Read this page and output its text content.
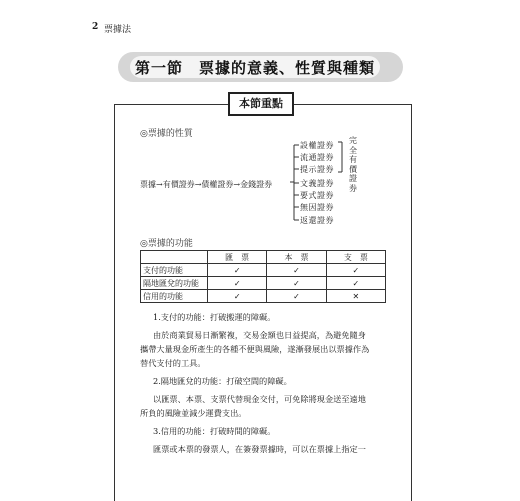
2 票據法
第一節　票據的意義、性質與種類
本節重點
◎票據的性質
票據→有價證券→債權證券→金錢證券
設權證券
流通證券
提示證券
文義證券
要式證券
無因證券
返還證券
完
全
有
價
證
券
◎票據的功能
	匯　票	本　票	支　票
支付的功能	✓	✓	✓
隔地匯兌的功能	✓	✓	✓
信用的功能	✓	✓	✕
1.支付的功能：打破搬運的障礙。
由於商業貿易日漸繁複，交易金額也日益提高，為避免隨身
攜帶大量現金所產生的各種不便與風險，遂漸發展出以票據作為
替代支付的工具。
2.隔地匯兌的功能：打破空間的障礙。
以匯票、本票、支票代替現金交付，可免除將現金送至遠地
所負的風險並減少運費支出。
3.信用的功能：打破時間的障礙。
匯票或本票的發票人，在簽發票據時，可以在票據上指定一
